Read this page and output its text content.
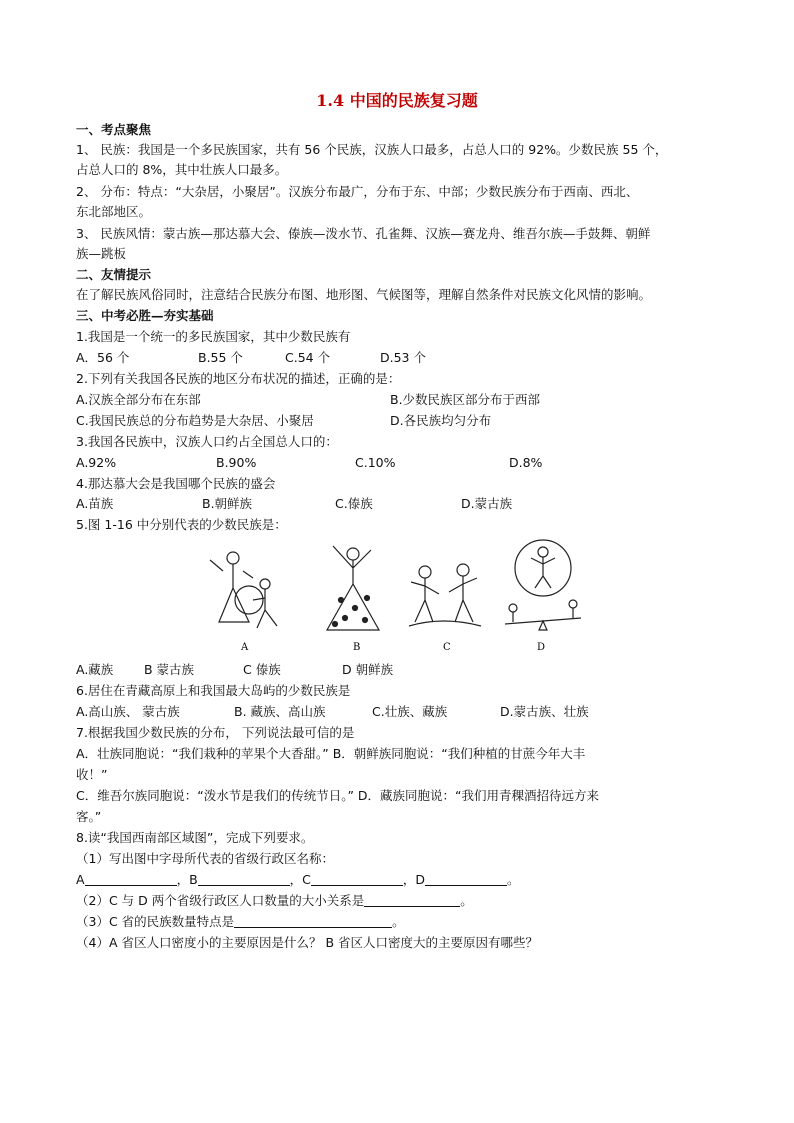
1.4 中国的民族复习题
一、考点聚焦
1、 民族：我国是一个多民族国家，共有 56 个民族，汉族人口最多，占总人口的 92%。少数民族 55 个，
占总人口的 8%，其中壮族人口最多。
2、 分布：特点：“大杂居，小聚居”。汉族分布最广，分布于东、中部；少数民族分布于西南、西北、
东北部地区。
3、 民族风情：蒙古族—那达慕大会、傣族—泼水节、孔雀舞、汉族—赛龙舟、维吾尔族—手鼓舞、朝鲜
族—跳板
二、友情提示
在了解民族风俗同时，注意结合民族分布图、地形图、气候图等，理解自然条件对民族文化风情的影响。
三、中考必胜—夯实基础
1.我国是一个统一的多民族国家，其中少数民族有
A．56 个	B.55 个	C.54 个	D.53 个
2.下列有关我国各民族的地区分布状况的描述，正确的是：
A.汉族全部分布在东部	B.少数民族区部分布于西部
C.我国民族总的分布趋势是大杂居、小聚居	D.各民族均匀分布
3.我国各民族中，汉族人口约占全国总人口的：
A.92%	B.90%	C.10%	D.8%
4.那达慕大会是我国哪个民族的盛会
A.苗族	B.朝鲜族	C.傣族	D.蒙古族
5.图 1-16 中分别代表的少数民族是：
A	B	C	D
A.藏族 B 蒙古族	C 傣族	D 朝鲜族
6.居住在青藏高原上和我国最大岛屿的少数民族是
A.高山族、 蒙古族	B. 藏族、高山族	C.壮族、藏族	D.蒙古族、壮族
7.根据我国少数民族的分布， 下列说法最可信的是
A．壮族同胞说：“我们栽种的苹果个大香甜。” B．朝鲜族同胞说：“我们种植的甘蔗今年大丰
收！”
C．维吾尔族同胞说：“泼水节是我们的传统节日。” D．藏族同胞说：“我们用青稞酒招待远方来
客。”
8.读“我国西南部区域图”，完成下列要求。
（1）写出图中字母所代表的省级行政区名称：
A	，B	，C	，D	。
（2）C 与 D 两个省级行政区人口数量的大小关系是	。
（3）C 省的民族数量特点是	。
（4）A 省区人口密度小的主要原因是什么？ B 省区人口密度大的主要原因有哪些？
